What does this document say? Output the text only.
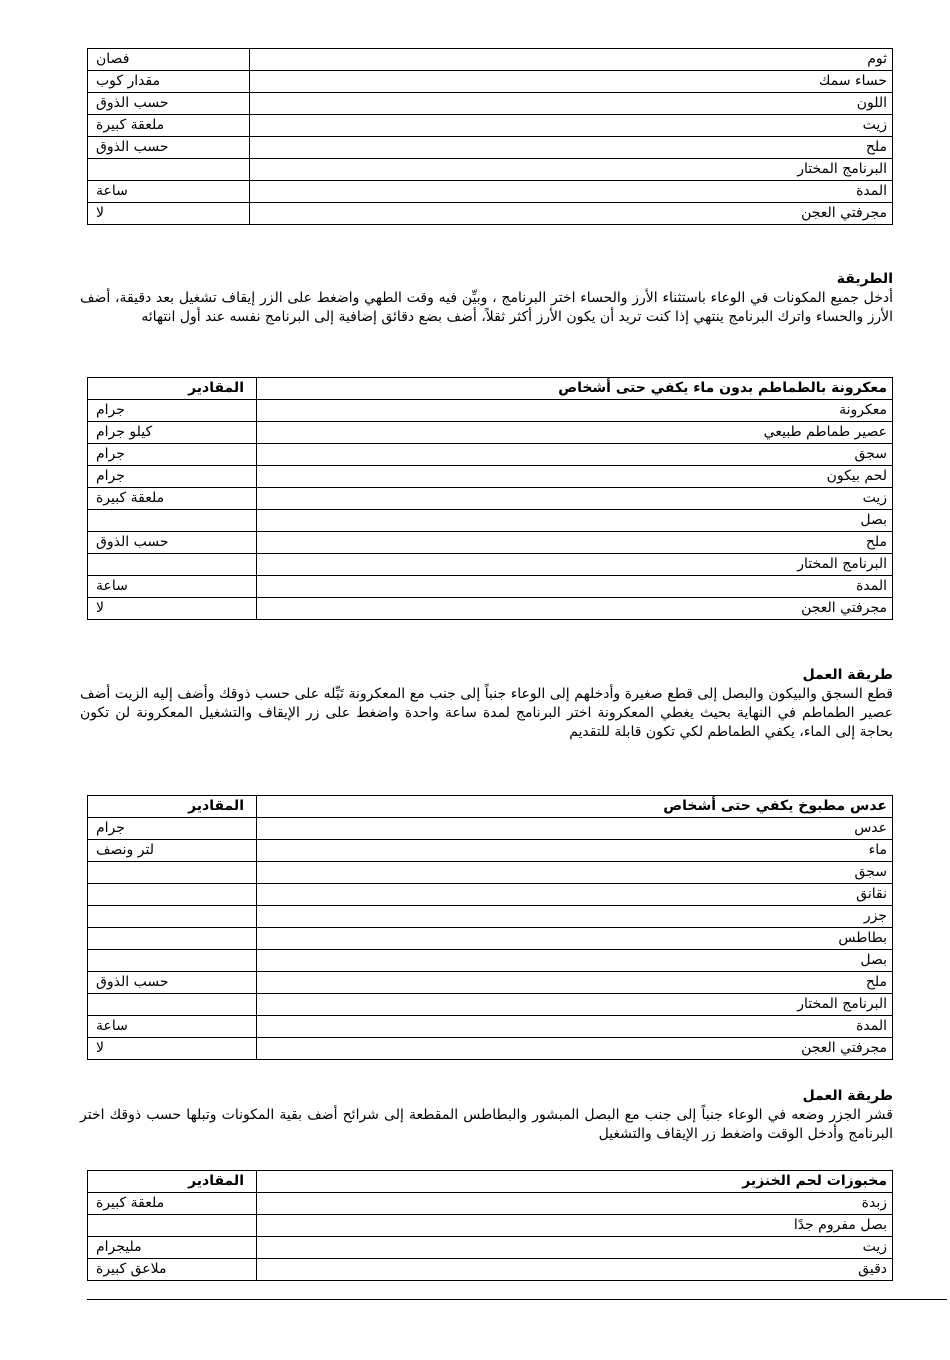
ثوم	فصان
حساء سمك	مقدار كوب
اللون	حسب الذوق
زيت	ملعقة كبيرة
ملح	حسب الذوق
البرنامج المختار	
المدة	ساعة
مجرفتي العجن	لا
الطريقة

أدخل جميع المكونات في الوعاء باستثناء الأرز والحساء اختر البرنامج ، وبيِّن فيه وقت الطهي واضغط على الزر إيقاف تشغيل بعد دقيقة، أضف الأرز والحساء واترك البرنامج ينتهي إذا كنت تريد أن يكون الأرز أكثر ثقلاً، أضف بضع دقائق إضافية إلى البرنامج نفسه عند أول انتهائه

معكرونة بالطماطم بدون ماء يكفي حتى أشخاص	المقادير
معكرونة	جرام
عصير طماطم طبيعي	كيلو جرام
سجق	جرام
لحم بيكون	جرام
زيت	ملعقة كبيرة
بصل	
ملح	حسب الذوق
البرنامج المختار	
المدة	ساعة
مجرفتي العجن	لا
طريقة العمل

قطع السجق والبيكون والبصل إلى قطع صغيرة وأدخلهم إلى الوعاء جنباً إلى جنب مع المعكرونة تَبِّله على حسب ذوقك وأضف إليه الزيت أضف عصير الطماطم في النهاية بحيث يغطي المعكرونة اختر البرنامج لمدة ساعة واحدة واضغط على زر الإيقاف والتشغيل المعكرونة لن تكون بحاجة إلى الماء، يكفي الطماطم لكي تكون قابلة للتقديم

عدس مطبوخ يكفي حتى أشخاص	المقادير
عدس	جرام
ماء	لتر ونصف
سجق	
نقانق	
جزر	
بطاطس	
بصل	
ملح	حسب الذوق
البرنامج المختار	
المدة	ساعة
مجرفتي العجن	لا
طريقة العمل

قشر الجزر وضعه في الوعاء جنباً إلى جنب مع البصل المبشور والبطاطس المقطعة إلى شرائح أضف بقية المكونات وتبلها حسب ذوقك اختر البرنامج وأدخل الوقت واضغط زر الإيقاف والتشغيل

مخبوزات لحم الخنزير	المقادير
زبدة	ملعقة كبيرة
بصل مفروم جدًا	
زيت	مليجرام
دقيق	ملاعق كبيرة
